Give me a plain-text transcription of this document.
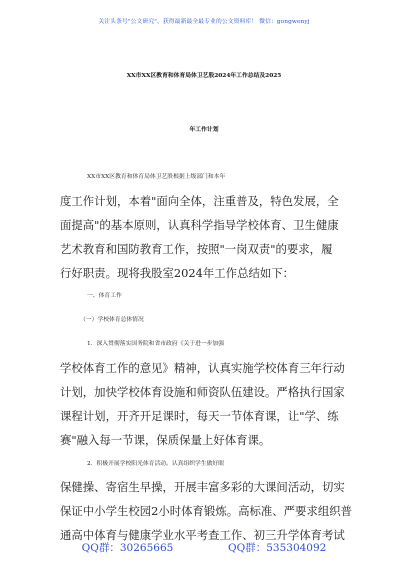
关注头条号"公文研究"，获得最新最全最专业的公文资料库！ 微信：gongwenyj
XX市XX区教育和体育局体卫艺股2024年工作总结及2025
年工作计划
XX市XX区教育和体育局体卫艺股根据上级部门和本年
度工作计划，本着"面向全体，注重普及，特色发展，全
面提高"的基本原则，认真科学指导学校体育、卫生健康
艺术教育和国防教育工作，按照"一岗双责"的要求，履
行好职责。现将我股室2024年工作总结如下：
一、体育工作
（一）学校体育总体情况
1．深入贯彻落实国务院和省市政府《关于进一步加强
学校体育工作的意见》精神，认真实施学校体育三年行动
计划，加快学校体育设施和师资队伍建设。严格执行国家
课程计划，开齐开足课时，每天一节体育课，让"学、练
赛"融入每一节课，保质保量上好体育课。
2．积极开展学校阳光体育活动。认真组织学生做好眼
保健操、寄宿生早操，开展丰富多彩的大课间活动，切实
保证中小学生校园2小时体育锻炼。高标准、严要求组织普
通高中体育与健康学业水平考查工作、初三升学体育考试
QQ群：30265665	QQ群：535304092
